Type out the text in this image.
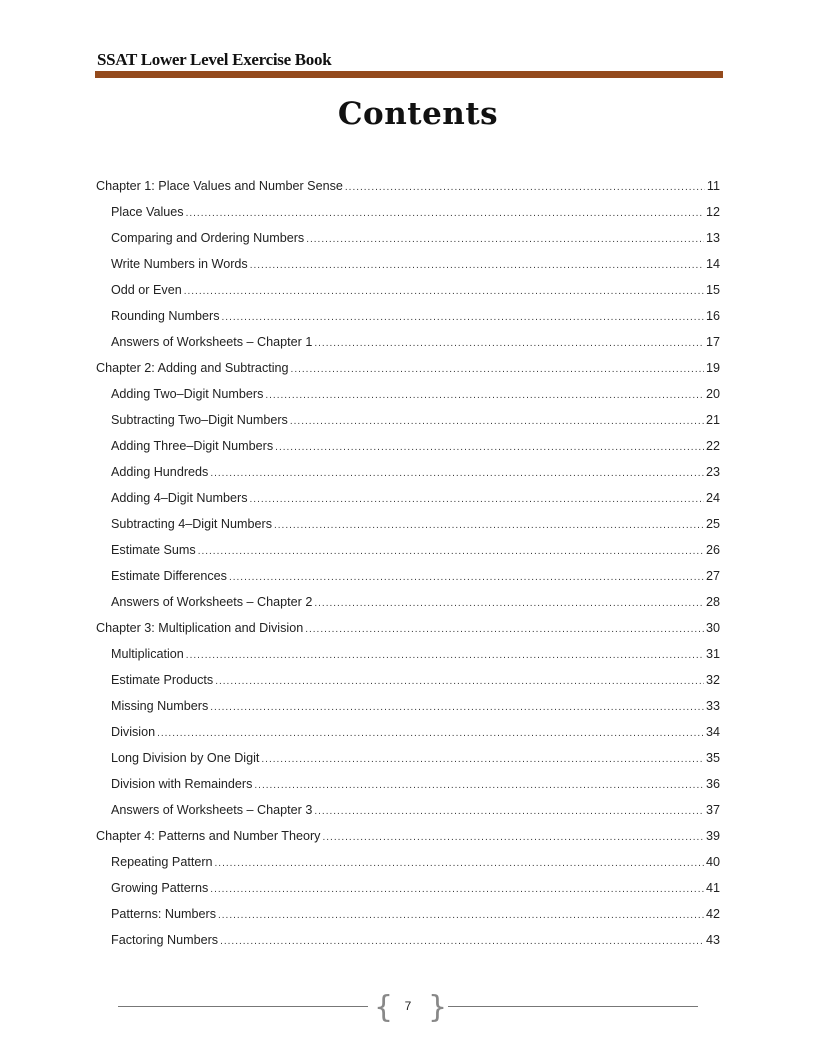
SSAT Lower Level Exercise Book
Contents
Chapter 1: Place Values and Number Sense .....	11
Place Values .....	12
Comparing and Ordering Numbers .....	13
Write Numbers in Words .....	14
Odd or Even .....	15
Rounding Numbers .....	16
Answers of Worksheets – Chapter 1 .....	17
Chapter 2: Adding and Subtracting .....	19
Adding Two–Digit Numbers .....	20
Subtracting Two–Digit Numbers .....	21
Adding Three–Digit Numbers .....	22
Adding Hundreds .....	23
Adding 4–Digit Numbers .....	24
Subtracting 4–Digit Numbers .....	25
Estimate Sums .....	26
Estimate Differences .....	27
Answers of Worksheets – Chapter 2 .....	28
Chapter 3: Multiplication and Division .....	30
Multiplication .....	31
Estimate Products .....	32
Missing Numbers .....	33
Division .....	34
Long Division by One Digit .....	35
Division with Remainders .....	36
Answers of Worksheets – Chapter 3 .....	37
Chapter 4: Patterns and Number Theory .....	39
Repeating Pattern .....	40
Growing Patterns .....	41
Patterns: Numbers .....	42
Factoring Numbers .....	43
{ 7 }
